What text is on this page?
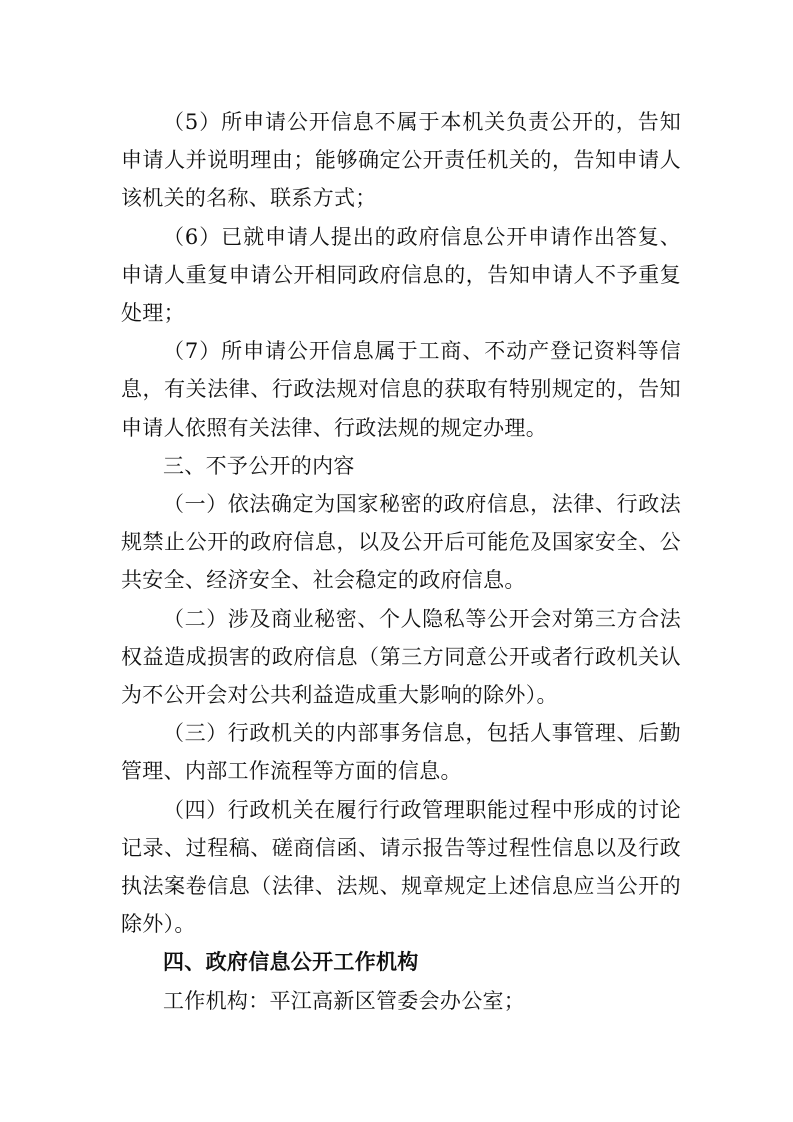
（5）所申请公开信息不属于本机关负责公开的，告知申请人并说明理由；能够确定公开责任机关的，告知申请人该机关的名称、联系方式；

（6）已就申请人提出的政府信息公开申请作出答复、申请人重复申请公开相同政府信息的，告知申请人不予重复处理；

（7）所申请公开信息属于工商、不动产登记资料等信息，有关法律、行政法规对信息的获取有特别规定的，告知申请人依照有关法律、行政法规的规定办理。

三、不予公开的内容

（一）依法确定为国家秘密的政府信息，法律、行政法规禁止公开的政府信息，以及公开后可能危及国家安全、公共安全、经济安全、社会稳定的政府信息。

（二）涉及商业秘密、个人隐私等公开会对第三方合法权益造成损害的政府信息（第三方同意公开或者行政机关认为不公开会对公共利益造成重大影响的除外）。

（三）行政机关的内部事务信息，包括人事管理、后勤管理、内部工作流程等方面的信息。

（四）行政机关在履行行政管理职能过程中形成的讨论记录、过程稿、磋商信函、请示报告等过程性信息以及行政执法案卷信息（法律、法规、规章规定上述信息应当公开的除外）。

四、政府信息公开工作机构

工作机构：平江高新区管委会办公室；
